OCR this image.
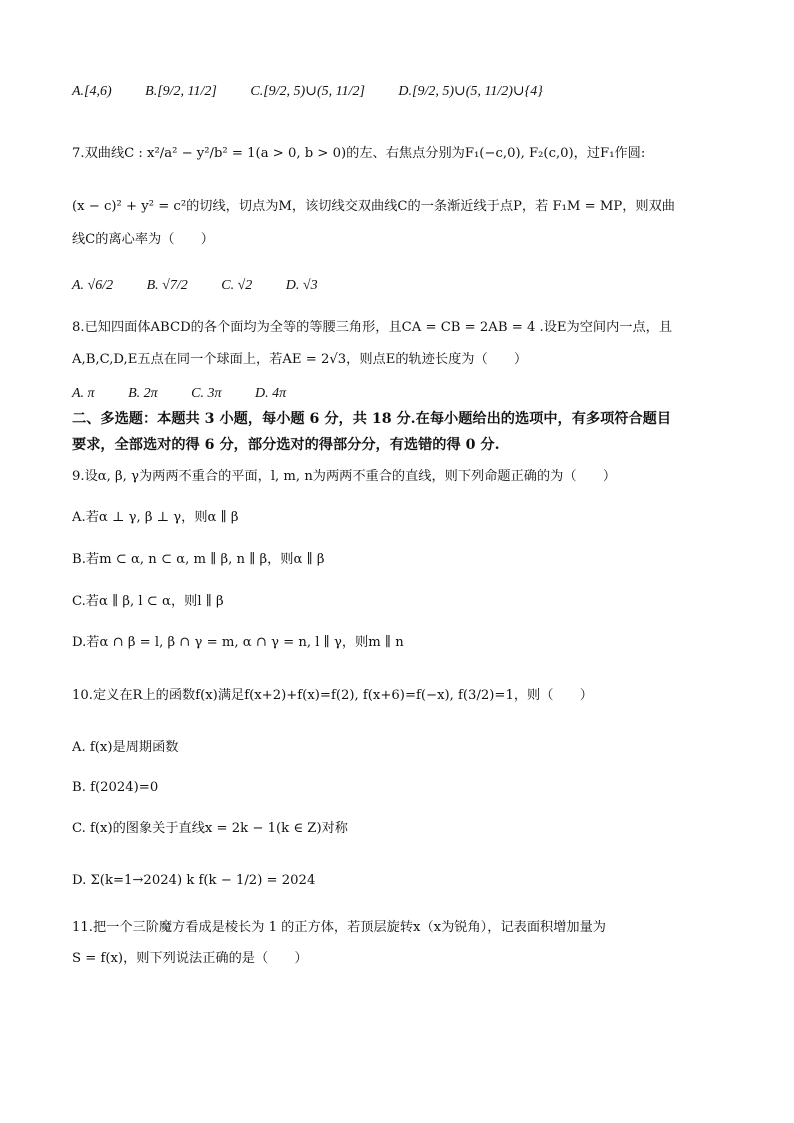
A.[4,6) B.[9/2, 11/2] C.[9/2, 5)∪(5, 11/2] D.[9/2, 5)∪(5, 11/2)∪{4}
7.双曲线C : x²/a² − y²/b² = 1(a > 0, b > 0)的左、右焦点分别为F₁(−c,0), F₂(c,0)，过F₁作圆:
(x − c)² + y² = c²的切线，切点为M，该切线交双曲线C的一条渐近线于点P，若 F₁M = MP，则双曲
线C的离心率为（　　）
A. √6/2 B. √7/2 C. √2 D. √3
8.已知四面体ABCD的各个面均为全等的等腰三角形，且CA = CB = 2AB = 4 .设E为空间内一点，且
A,B,C,D,E五点在同一个球面上，若AE = 2√3，则点E的轨迹长度为（　　）
A. π B. 2π C. 3π D. 4π
二、多选题：本题共 3 小题，每小题 6 分，共 18 分.在每小题给出的选项中，有多项符合题目
要求，全部选对的得 6 分，部分选对的得部分分，有选错的得 0 分.
9.设α, β, γ为两两不重合的平面，l, m, n为两两不重合的直线，则下列命题正确的为（　　）
A.若α ⊥ γ, β ⊥ γ，则α ∥ β
B.若m ⊂ α, n ⊂ α, m ∥ β, n ∥ β，则α ∥ β
C.若α ∥ β, l ⊂ α，则l ∥ β
D.若α ∩ β = l, β ∩ γ = m, α ∩ γ = n, l ∥ γ，则m ∥ n
10.定义在R上的函数f(x)满足f(x+2)+f(x)=f(2), f(x+6)=f(−x), f(3/2)=1，则（　　）
A. f(x)是周期函数
B. f(2024)=0
C. f(x)的图象关于直线x = 2k − 1(k ∈ Z)对称
D. Σ(k=1→2024) k f(k − 1/2) = 2024
11.把一个三阶魔方看成是棱长为 1 的正方体，若顶层旋转x（x为锐角），记表面积增加量为
S = f(x)，则下列说法正确的是（　　）
